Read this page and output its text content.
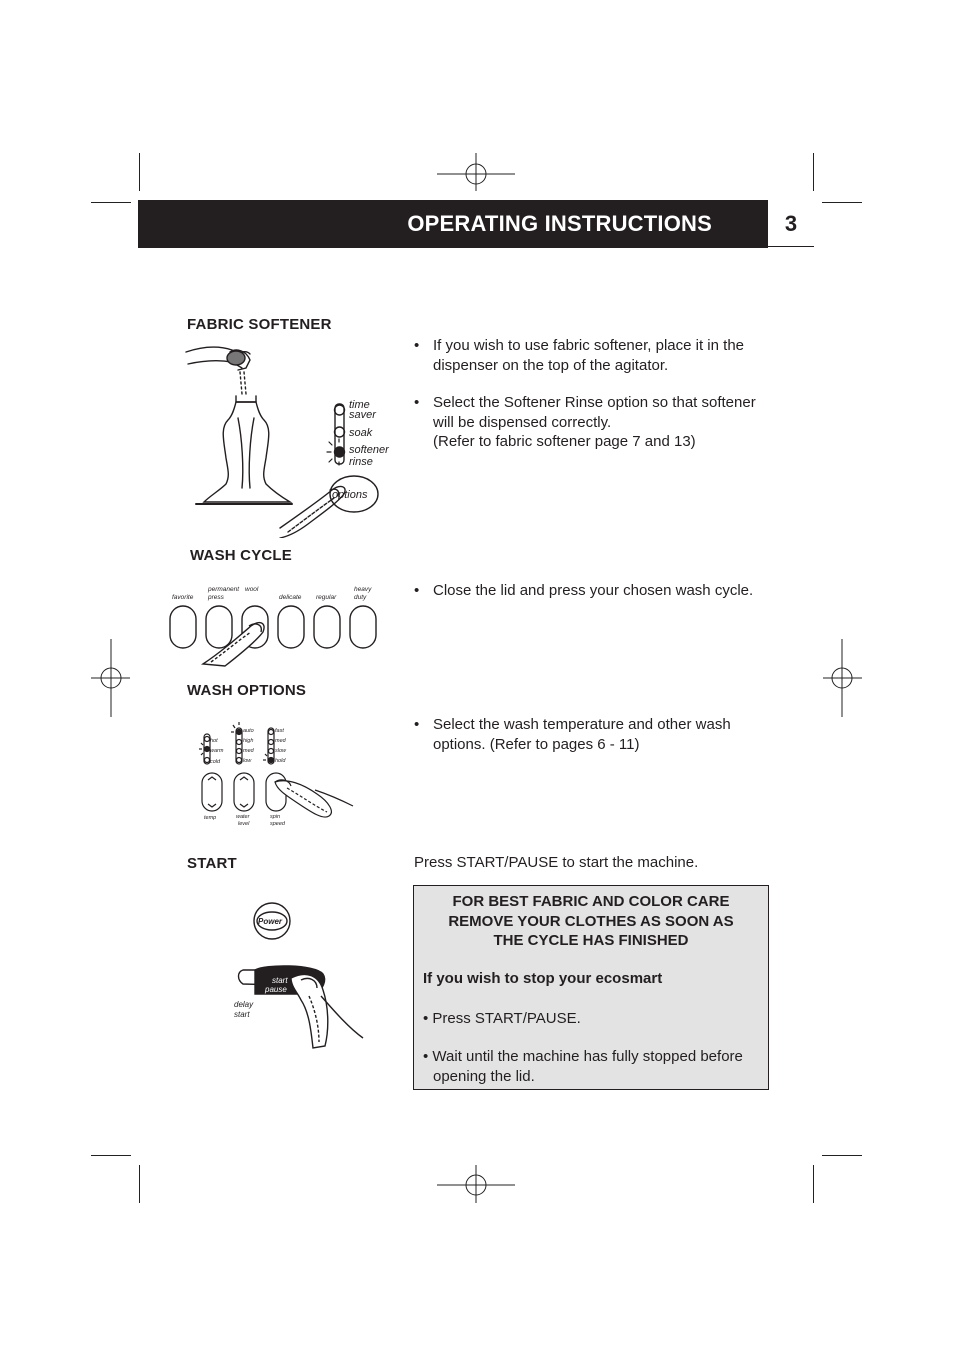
OPERATING INSTRUCTIONS	3
FABRIC SOFTENER
time
saver
soak
softener
rinse
options
• If you wish to use fabric softener, place it in the
dispenser on the top of the agitator.
• Select the Softener Rinse option so that softener
will be dispensed correctly.
(Refer to fabric softener page 7 and 13)
WASH CYCLE
favorite
permanent
press
wool
delicate regular
heavy
duty
•	Close the lid and press your chosen wash cycle.
WASH OPTIONS
hot
warm
cold
auto
high
med
low
fast
med
slow
hold
temp	water
level
spin
speed
• Select the wash temperature and other wash
options. (Refer to pages 6 - 11)
START
Power
start
pause
delay
start
Press START/PAUSE to start the machine.
FOR BEST FABRIC AND COLOR CARE
REMOVE YOUR CLOTHES AS SOON AS
THE CYCLE HAS FINISHED
If you wish to stop your ecosmart
• Press START/PAUSE.
• Wait until the machine has fully stopped before
opening the lid.
